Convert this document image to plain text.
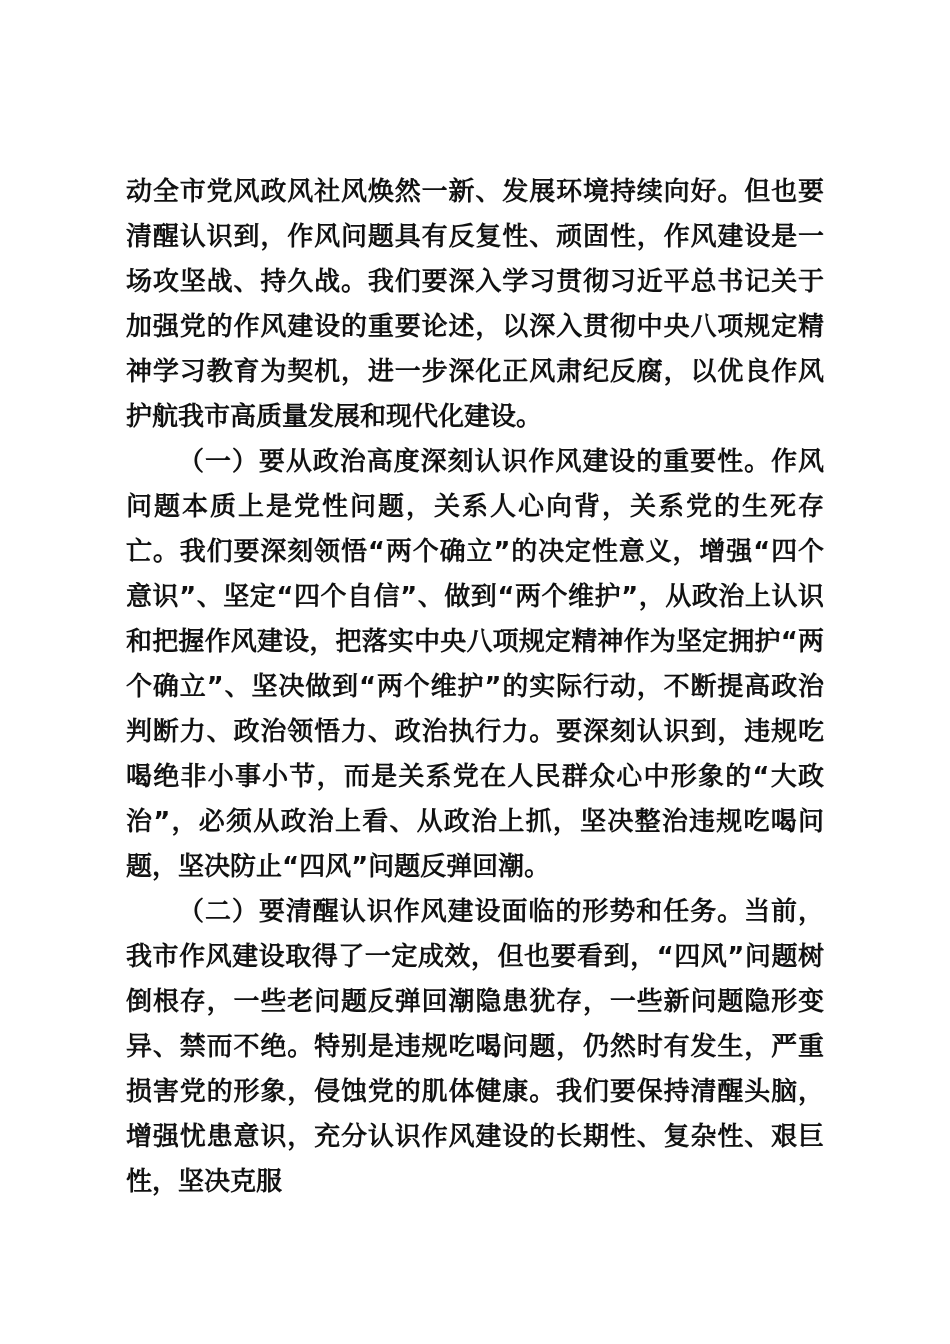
动全市党风政风社风焕然一新、发展环境持续向好。但也要清醒认识到，作风问题具有反复性、顽固性，作风建设是一场攻坚战、持久战。我们要深入学习贯彻习近平总书记关于加强党的作风建设的重要论述，以深入贯彻中央八项规定精神学习教育为契机，进一步深化正风肃纪反腐，以优良作风护航我市高质量发展和现代化建设。

（一）要从政治高度深刻认识作风建设的重要性。作风问题本质上是党性问题，关系人心向背，关系党的生死存亡。我们要深刻领悟“两个确立”的决定性意义，增强“四个意识”、坚定“四个自信”、做到“两个维护”，从政治上认识和把握作风建设，把落实中央八项规定精神作为坚定拥护“两个确立”、坚决做到“两个维护”的实际行动，不断提高政治判断力、政治领悟力、政治执行力。要深刻认识到，违规吃喝绝非小事小节，而是关系党在人民群众心中形象的“大政治”，必须从政治上看、从政治上抓，坚决整治违规吃喝问题，坚决防止“四风”问题反弹回潮。

（二）要清醒认识作风建设面临的形势和任务。当前，我市作风建设取得了一定成效，但也要看到，“四风”问题树倒根存，一些老问题反弹回潮隐患犹存，一些新问题隐形变异、禁而不绝。特别是违规吃喝问题，仍然时有发生，严重损害党的形象，侵蚀党的肌体健康。我们要保持清醒头脑，增强忧患意识，充分认识作风建设的长期性、复杂性、艰巨性，坚决克服
